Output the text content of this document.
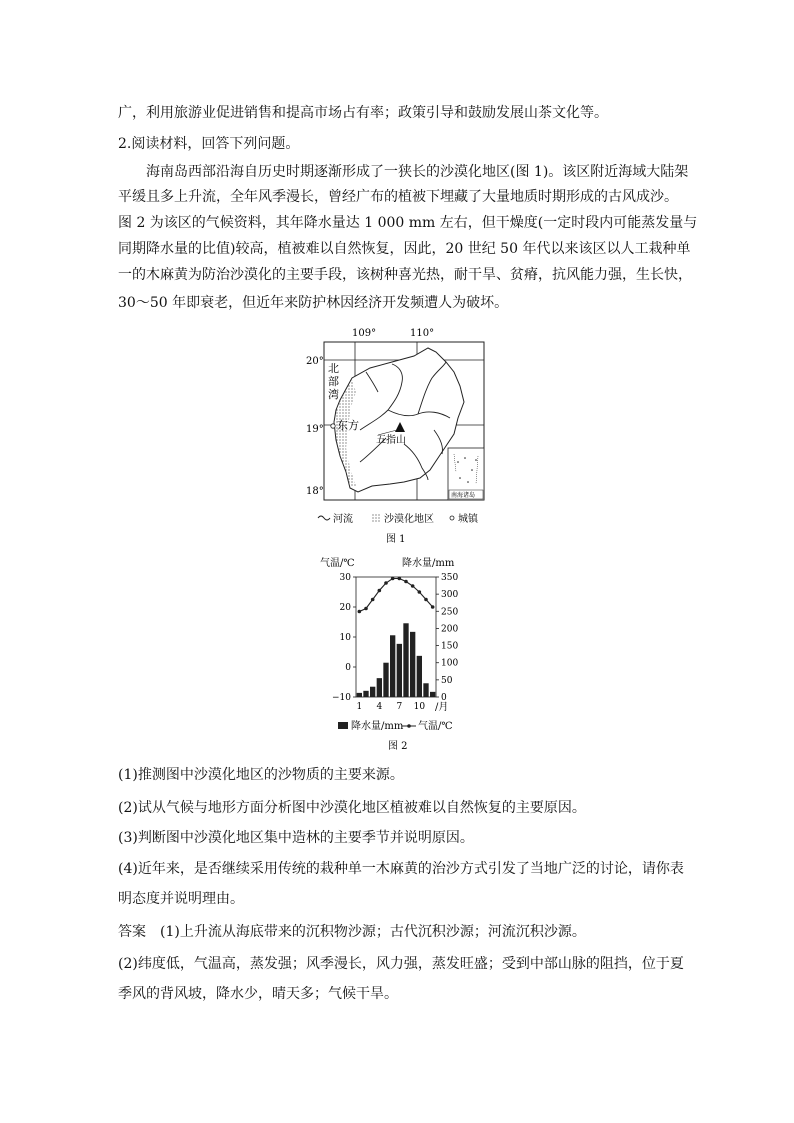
广，利用旅游业促进销售和提高市场占有率；政策引导和鼓励发展山茶文化等。
2.阅读材料，回答下列问题。
海南岛西部沿海自历史时期逐渐形成了一狭长的沙漠化地区(图 1)。该区附近海域大陆架
平缓且多上升流，全年风季漫长，曾经广布的植被下埋藏了大量地质时期形成的古风成沙。
图 2 为该区的气候资料，其年降水量达 1 000 mm 左右，但干燥度(一定时段内可能蒸发量与
同期降水量的比值)较高，植被难以自然恢复，因此，20 世纪 50 年代以来该区以人工栽种单
一的木麻黄为防治沙漠化的主要手段，该树种喜光热，耐干旱、贫瘠，抗风能力强，生长快，
30～50 年即衰老，但近年来防护林因经济开发频遭人为破坏。
109°	110°
20°
19°
18°
北
部
湾
东方
五指山
南海诸岛
河流	沙漠化地区 城镇
图 1
气温/℃	降水量/mm
30
20
10
0
−10
350
300
250
200
150
100
50
0
1 4 7 10 /月
降水量/mm 气温/℃
图 2
(1)推测图中沙漠化地区的沙物质的主要来源。
(2)试从气候与地形方面分析图中沙漠化地区植被难以自然恢复的主要原因。
(3)判断图中沙漠化地区集中造林的主要季节并说明原因。
(4)近年来，是否继续采用传统的栽种单一木麻黄的治沙方式引发了当地广泛的讨论，请你表
明态度并说明理由。
答案 (1)上升流从海底带来的沉积物沙源；古代沉积沙源；河流沉积沙源。
(2)纬度低，气温高，蒸发强；风季漫长，风力强，蒸发旺盛；受到中部山脉的阻挡，位于夏
季风的背风坡，降水少，晴天多；气候干旱。
